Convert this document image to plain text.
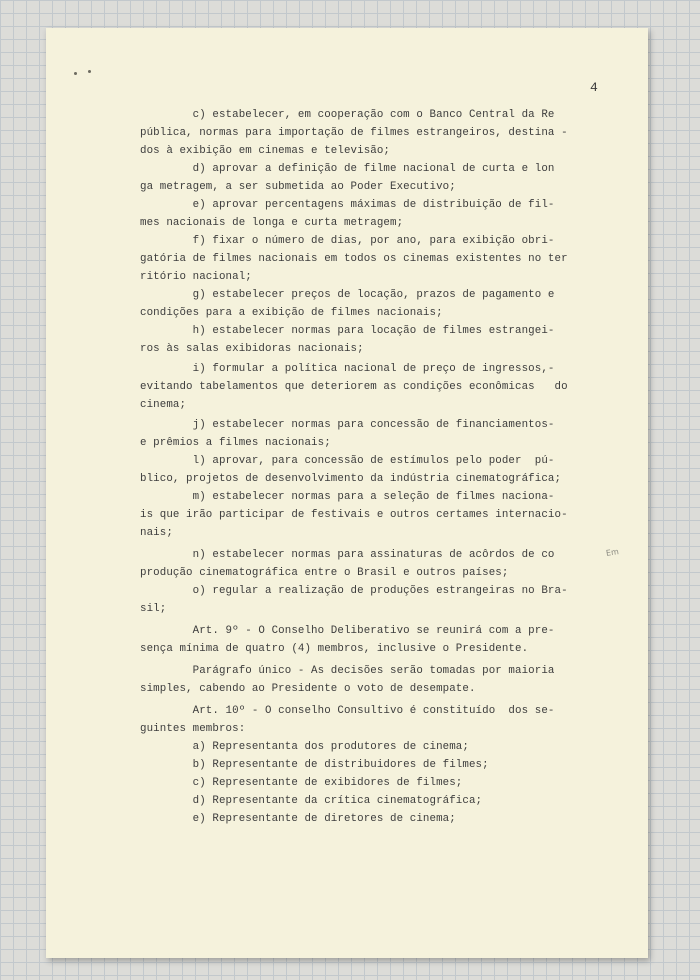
4
Em
c) estabelecer, em cooperação com o Banco Central da Re
pública, normas para importação de filmes estrangeiros, destina -
dos à exibição em cinemas e televisão;
d) aprovar a definição de filme nacional de curta e lon
ga metragem, a ser submetida ao Poder Executivo;
e) aprovar percentagens máximas de distribuição de fil-
mes nacionais de longa e curta metragem;
f) fixar o número de dias, por ano, para exibição obri-
gatória de filmes nacionais em todos os cinemas existentes no ter
ritório nacional;
g) estabelecer preços de locação, prazos de pagamento e
condições para a exibição de filmes nacionais;
h) estabelecer normas para locação de filmes estrangei-
ros às salas exibidoras nacionais;
i) formular a política nacional de preço de ingressos,-
evitando tabelamentos que deteriorem as condições econômicas   do
cinema;
j) estabelecer normas para concessão de financiamentos-
e prêmios a filmes nacionais;
l) aprovar, para concessão de estímulos pelo poder  pú-
blico, projetos de desenvolvimento da indústria cinematográfica;
m) estabelecer normas para a seleção de filmes naciona-
is que irão participar de festivais e outros certames internacio-
nais;
n) estabelecer normas para assinaturas de acôrdos de co
produção cinematográfica entre o Brasil e outros países;
o) regular a realização de produções estrangeiras no Bra-
sil;
Art. 9º - O Conselho Deliberativo se reunirá com a pre-
sença mínima de quatro (4) membros, inclusive o Presidente.
Parágrafo único - As decisões serão tomadas por maioria
simples, cabendo ao Presidente o voto de desempate.
Art. 10º - O conselho Consultivo é constituído  dos se-
guintes membros:
a) Representanta dos produtores de cinema;
b) Representante de distribuidores de filmes;
c) Representante de exibidores de filmes;
d) Representante da crítica cinematográfica;
e) Representante de diretores de cinema;
